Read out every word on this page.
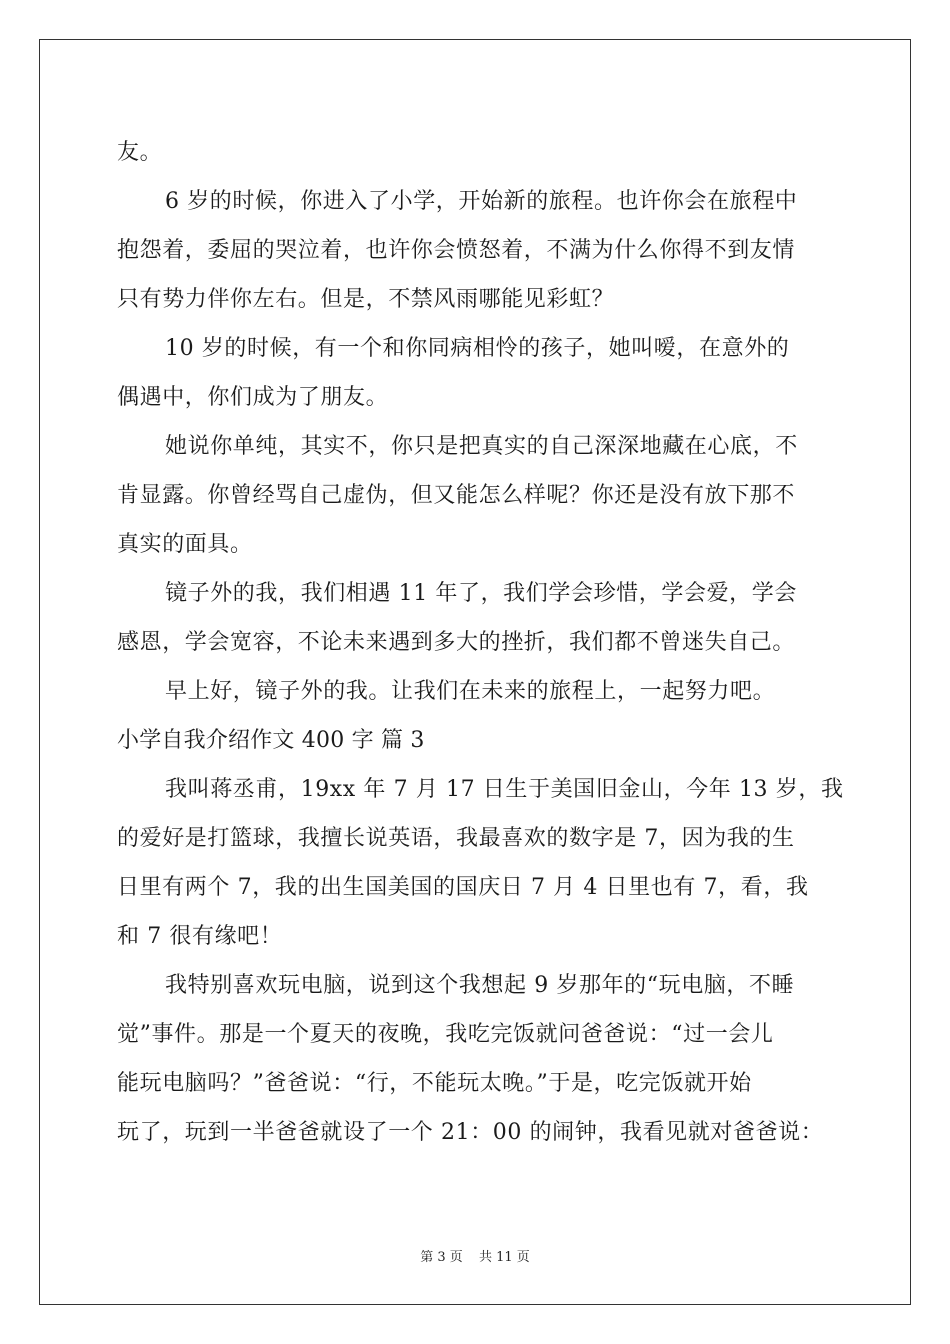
友。
6 岁的时候，你进入了小学，开始新的旅程。也许你会在旅程中
抱怨着，委屈的哭泣着，也许你会愤怒着，不满为什么你得不到友情
只有势力伴你左右。但是，不禁风雨哪能见彩虹？
10 岁的时候，有一个和你同病相怜的孩子，她叫嗳，在意外的
偶遇中，你们成为了朋友。
她说你单纯，其实不，你只是把真实的自己深深地藏在心底，不
肯显露。你曾经骂自己虚伪，但又能怎么样呢？你还是没有放下那不
真实的面具。
镜子外的我，我们相遇 11 年了，我们学会珍惜，学会爱，学会
感恩，学会宽容，不论未来遇到多大的挫折，我们都不曾迷失自己。
早上好，镜子外的我。让我们在未来的旅程上，一起努力吧。
小学自我介绍作文 400 字 篇 3
我叫蒋丞甫，19xx 年 7 月 17 日生于美国旧金山，今年 13 岁，我
的爱好是打篮球，我擅长说英语，我最喜欢的数字是 7，因为我的生
日里有两个 7，我的出生国美国的国庆日 7 月 4 日里也有 7，看，我
和 7 很有缘吧！
我特别喜欢玩电脑，说到这个我想起 9 岁那年的“玩电脑，不睡
觉”事件。那是一个夏天的夜晚，我吃完饭就问爸爸说：“过一会儿
能玩电脑吗？”爸爸说：“行，不能玩太晚。”于是，吃完饭就开始
玩了，玩到一半爸爸就设了一个 21：00 的闹钟，我看见就对爸爸说：
第 3 页 共 11 页
